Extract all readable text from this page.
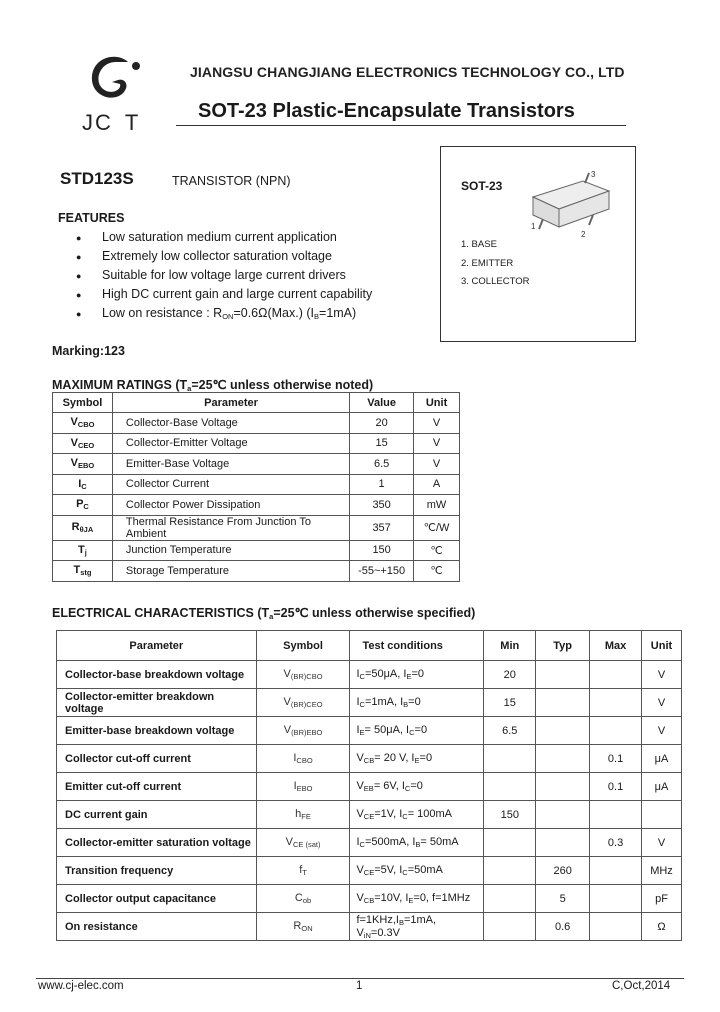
JC T
JIANGSU CHANGJIANG ELECTRONICS TECHNOLOGY CO., LTD
SOT-23 Plastic-Encapsulate Transistors
STD123S	TRANSISTOR (NPN)	SOT-23
3
1
2
1. BASE
2. EMITTER
3. COLLECTOR
FEATURES
● Low saturation medium current application
● Extremely low collector saturation voltage
● Suitable for low voltage large current drivers
● High DC current gain and large current capability
● Low on resistance : $R_{ON}=0.6\Omega(Max.)$ $(I_B=1mA)$
Marking:123
MAXIMUM RATINGS ($T_a=25℃$ unless otherwise noted)
Symbol	Parameter	Value	Unit
$V_{CBO}$	Collector-Base Voltage	20	V
$V_{CEO}$	Collector-Emitter Voltage	15	V
$V_{EBO}$	Emitter-Base Voltage	6.5	V
$I_C$	Collector Current	1	A
$P_C$	Collector Power Dissipation	350	mW
$R_{\theta JA}$	Thermal Resistance From Junction To Ambient	357	℃/W
$T_j$	Junction Temperature	150	℃
$T_{stg}$	Storage Temperature	-55~+150	℃
ELECTRICAL CHARACTERISTICS ($T_a=25℃$ unless otherwise specified)
Parameter	Symbol	Test conditions	Min	Typ	Max	Unit
Collector-base breakdown voltage	$V_{(BR)CBO}$	$I_C=50\mu A$, $I_E=0$	20			V
Collector-emitter breakdown voltage	$V_{(BR)CEO}$	$I_C=1mA$, $I_B=0$	15			V
Emitter-base breakdown voltage	$V_{(BR)EBO}$	$I_E= 50\mu A$, $I_C=0$	6.5			V
Collector cut-off current	$I_{CBO}$	$V_{CB}= 20$ V, $I_E=0$			0.1	μA
Emitter cut-off current	$I_{EBO}$	$V_{EB}= 6V$, $I_C=0$			0.1	μA
DC current gain	$h_{FE}$	$V_{CE}=1V$, $I_C= 100mA$	150			
Collector-emitter saturation voltage	$V_{CE (sat)}$	$I_C=500mA$, $I_B= 50mA$			0.3	V
Transition frequency	$f_T$	$V_{CE}=5V$, $I_C=50mA$		260		MHz
Collector output capacitance	$C_{ob}$	$V_{CB}=10V$, $I_E=0$, f=1MHz		5		pF
On resistance	$R_{ON}$	$f=1KHz,I_B=1mA$,
$V_{iN}=0.3V$		0.6		Ω
www.cj-elec.com	1	C,Oct,2014
